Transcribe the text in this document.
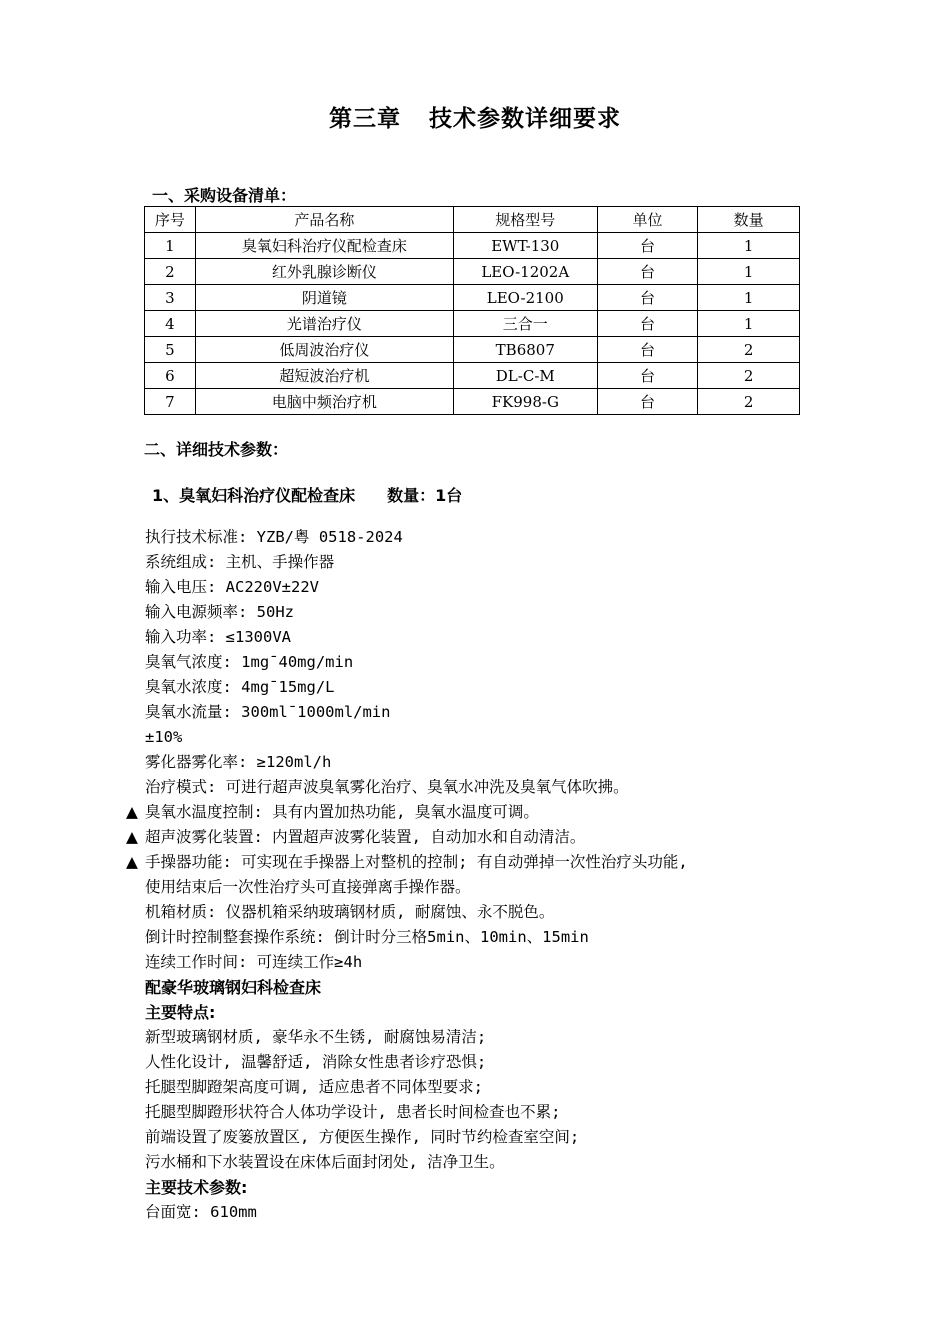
第三章 技术参数详细要求
一、采购设备清单：
序号	产品名称	规格型号	单位	数量
1	臭氧妇科治疗仪配检查床	EWT-130	台	1
2	红外乳腺诊断仪	LEO-1202A	台	1
3	阴道镜	LEO-2100	台	1
4	光谱治疗仪	三合一	台	1
5	低周波治疗仪	TB6807	台	2
6	超短波治疗机	DL-C-M	台	2
7	电脑中频治疗机	FK998-G	台	2
二、详细技术参数：
1、臭氧妇科治疗仪配检查床 数量：1台
执行技术标准: YZB/粤 0518-2024
系统组成: 主机、手操作器
输入电压: AC220V±22V
输入电源频率: 50Hz
输入功率: ≤1300VA
臭氧气浓度: 1mg¯40mg/min
臭氧水浓度: 4mg¯15mg/L
臭氧水流量: 300ml¯1000ml/min
±10%
雾化器雾化率: ≥120ml/h
治疗模式: 可进行超声波臭氧雾化治疗、臭氧水冲洗及臭氧气体吹拂。
▲ 臭氧水温度控制: 具有内置加热功能, 臭氧水温度可调。
▲ 超声波雾化装置: 内置超声波雾化装置, 自动加水和自动清洁。
▲ 手操器功能: 可实现在手操器上对整机的控制; 有自动弹掉一次性治疗头功能,
使用结束后一次性治疗头可直接弹离手操作器。
机箱材质: 仪器机箱采纳玻璃钢材质, 耐腐蚀、永不脱色。
倒计时控制整套操作系统: 倒计时分三格5min、10min、15min
连续工作时间: 可连续工作≥4h
配豪华玻璃钢妇科检查床
主要特点:
新型玻璃钢材质, 豪华永不生锈, 耐腐蚀易清洁;
人性化设计, 温馨舒适, 消除女性患者诊疗恐惧;
托腿型脚蹬架高度可调, 适应患者不同体型要求;
托腿型脚蹬形状符合人体功学设计, 患者长时间检查也不累;
前端设置了废篓放置区, 方便医生操作, 同时节约检查室空间;
污水桶和下水装置设在床体后面封闭处, 洁净卫生。
主要技术参数:
台面宽: 610mm
